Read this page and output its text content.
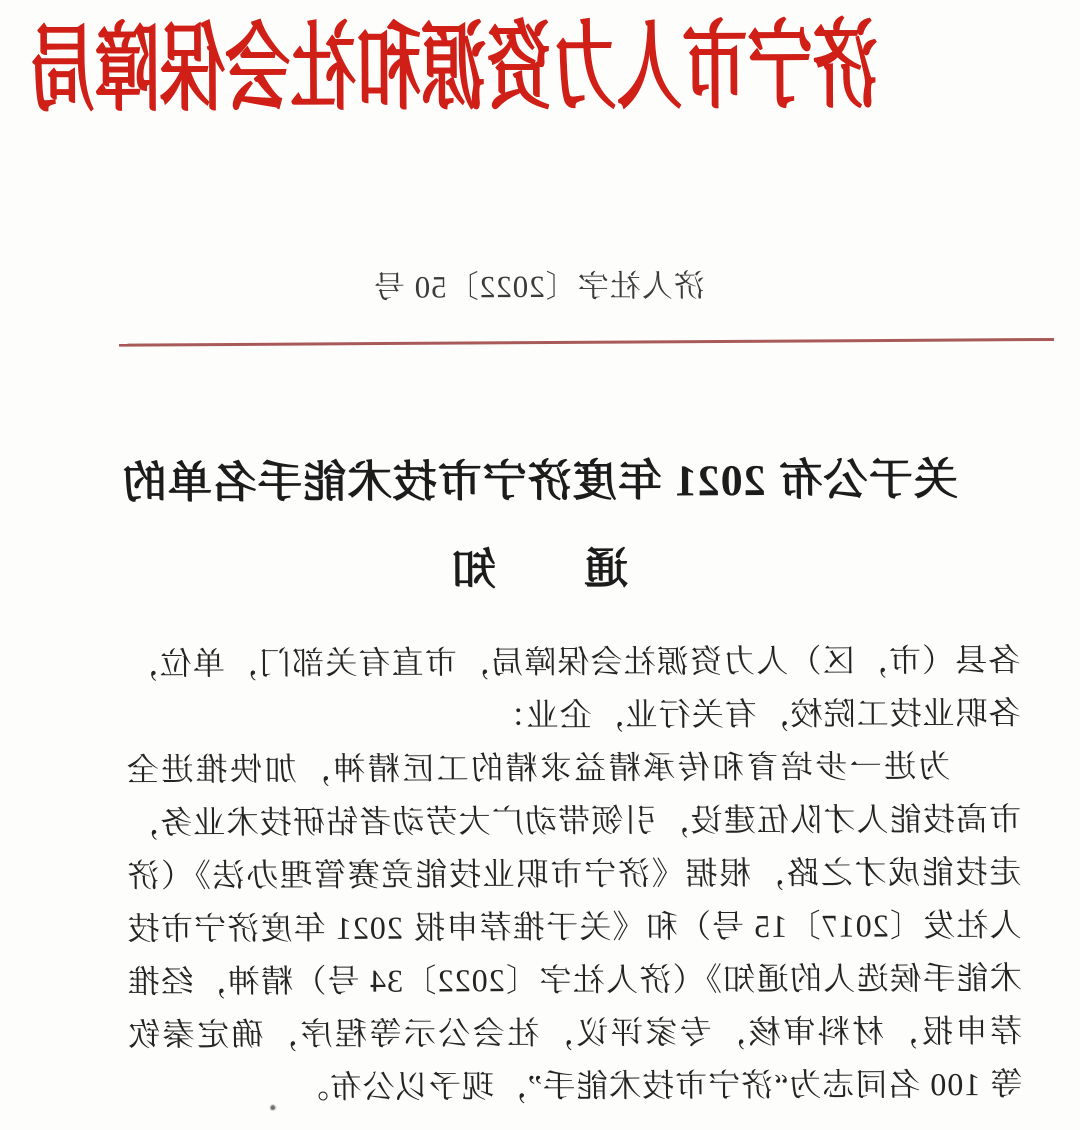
济宁市人力资源和社会保障局
济人社字〔2022〕50 号
关于公布 2021 年度济宁市技术能手名单的
通　　知
各县（市，区）人力资源社会保障局，市直有关部门，单位，
各职业技工院校，有关行业，企业：
为进一步培育和传承精益求精的工匠精神，加快推进全
市高技能人才队伍建设，引领带动广大劳动者钻研技术业务，
走技能成才之路，根据《济宁市职业技能竞赛管理办法》（济
人社发〔2017〕15 号）和《关于推荐申报 2021 年度济宁市技
术能手候选人的通知》（济人社字〔2022〕34 号）精神，经推
荐申报，材料审核，专家评议，社会公示等程序，确定秦钦
等 100 名同志为“济宁市技术能手”，现予以公布。
